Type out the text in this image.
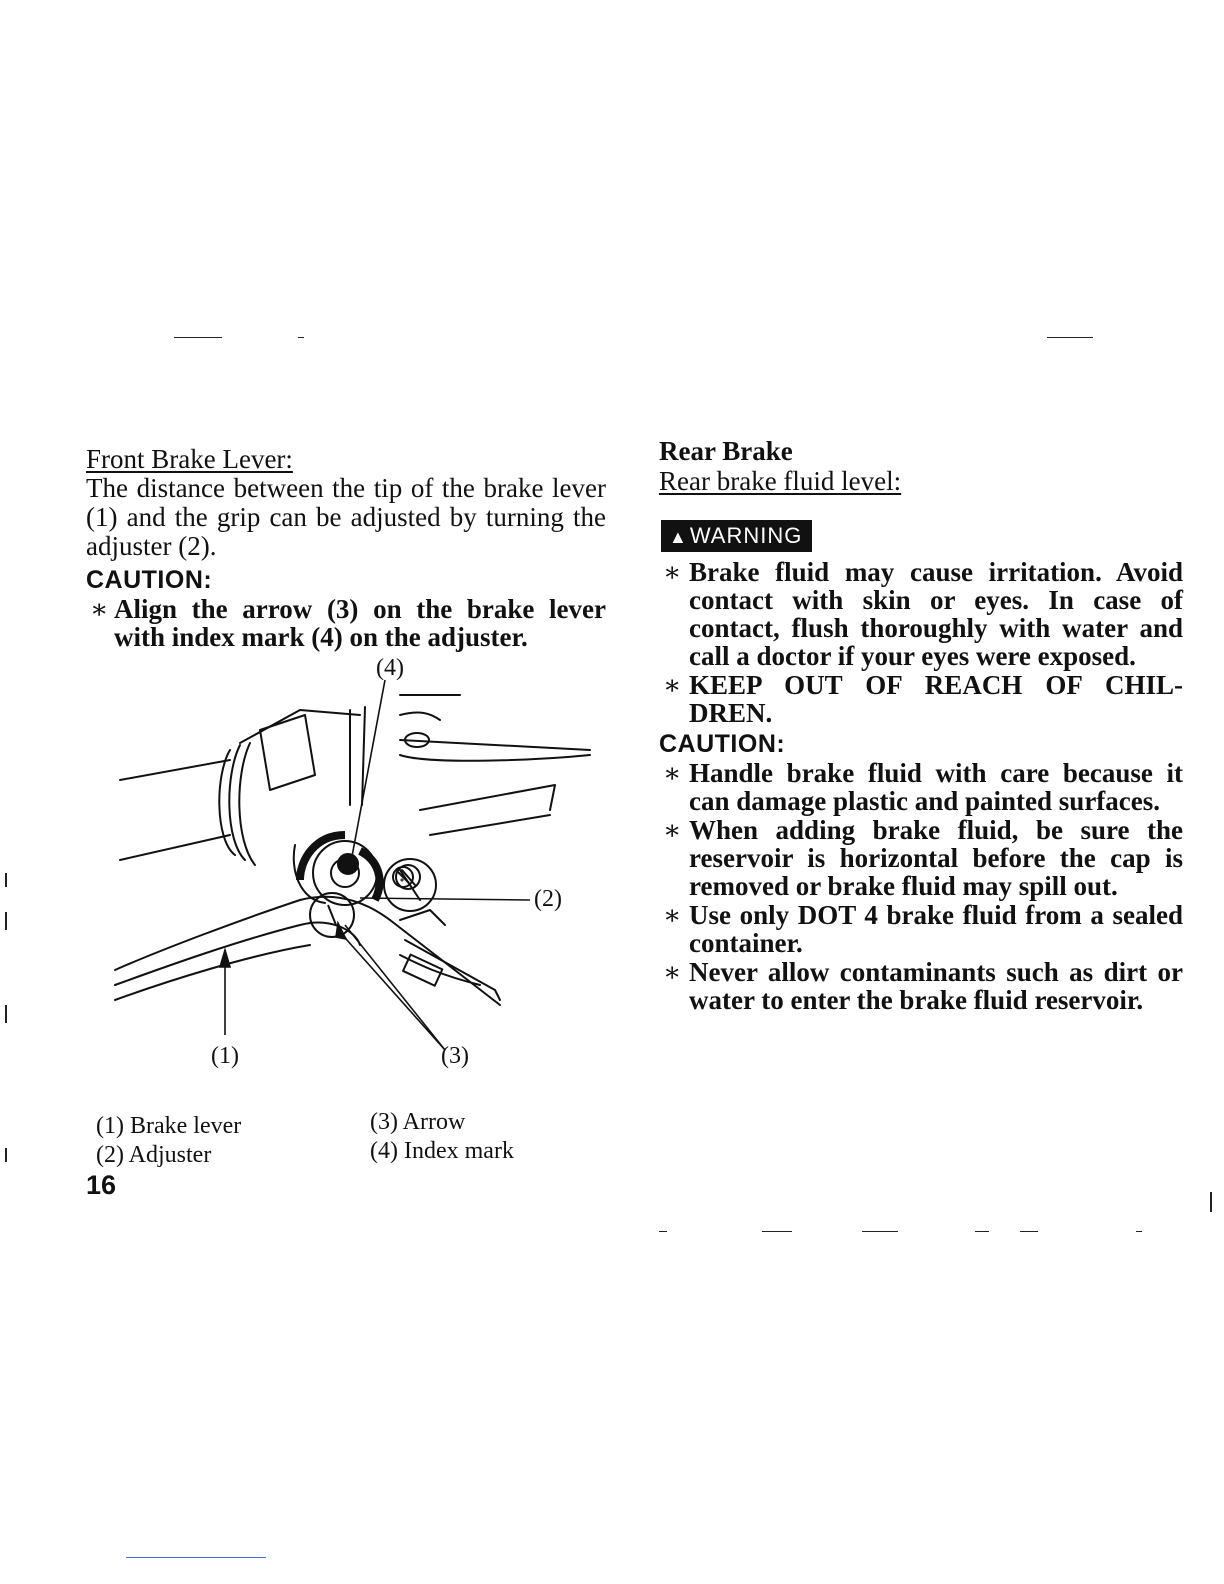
Front Brake Lever:
The distance between the tip of the brake lever (1) and the grip can be adjusted by turning the adjuster (2).
CAUTION:
∗ Align the arrow (3) on the brake lever with index mark (4) on the adjuster.
(4)
(2)
(1)	(3)
(1) Brake lever
(2) Adjuster
(3) Arrow
(4) Index mark
16
Rear Brake
Rear brake fluid level:
▲WARNING
∗ Brake fluid may cause irritation. Avoid contact with skin or eyes. In case of contact, flush thoroughly with water and call a doctor if your eyes were exposed.
∗ KEEP OUT OF REACH OF CHIL-DREN.
CAUTION:
∗ Handle brake fluid with care because it can damage plastic and painted surfaces.
∗ When adding brake fluid, be sure the reservoir is horizontal before the cap is removed or brake fluid may spill out.
∗ Use only DOT 4 brake fluid from a sealed container.
∗ Never allow contaminants such as dirt or water to enter the brake fluid reservoir.
